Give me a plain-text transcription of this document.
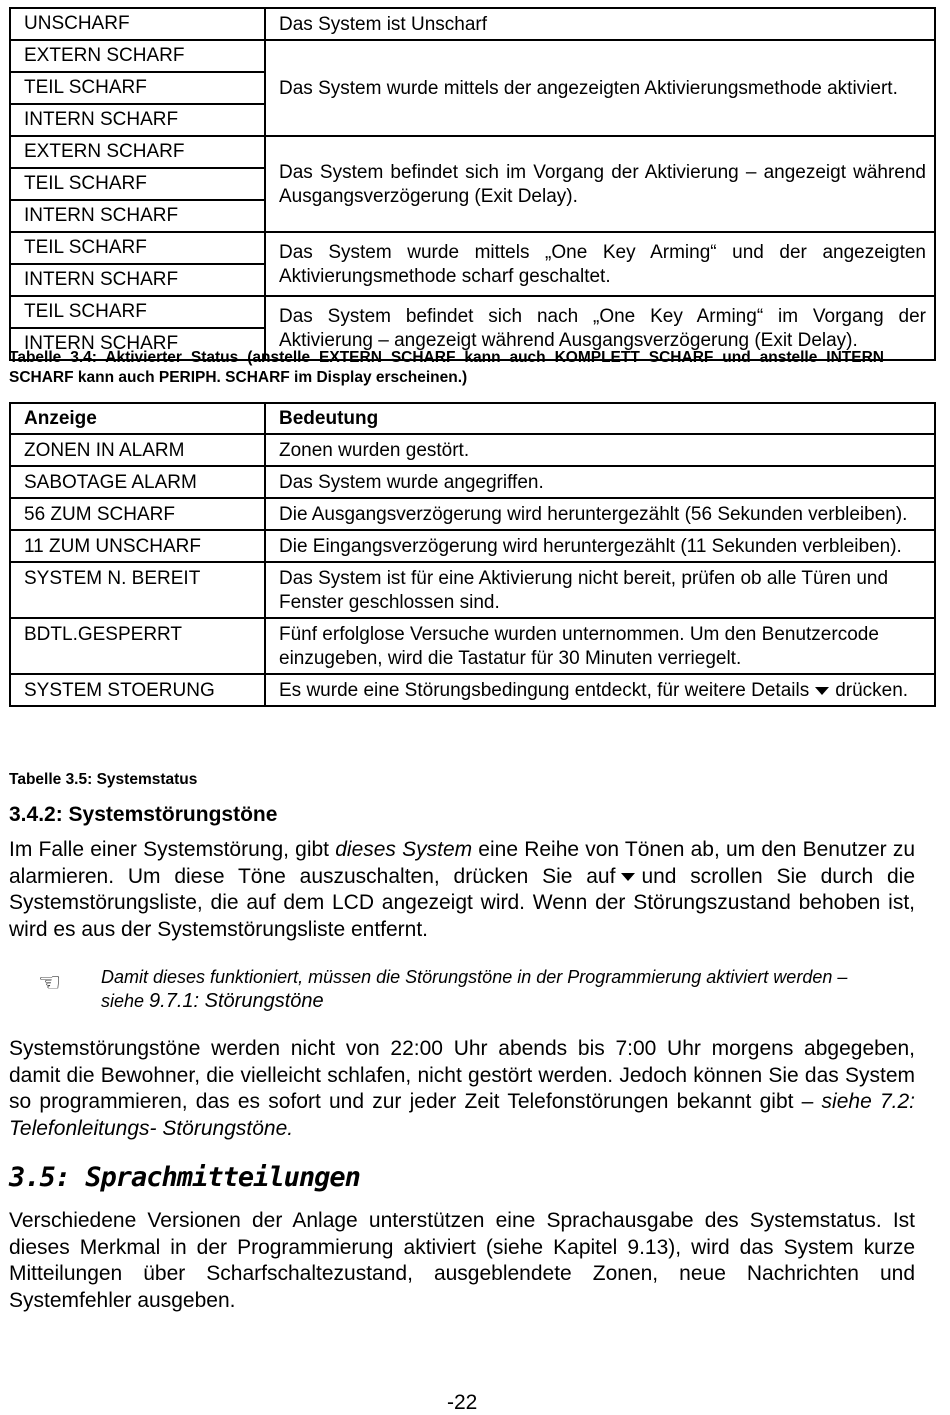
UNSCHARF	Das System ist Unscharf
EXTERN SCHARF	Das System wurde mittels der angezeigten Aktivierungsmethode aktiviert.
TEIL SCHARF	
INTERN SCHARF	
EXTERN SCHARF	Das System befindet sich im Vorgang der Aktivierung – angezeigt während Ausgangsverzögerung (Exit Delay).
TEIL SCHARF	
INTERN SCHARF	
TEIL SCHARF	Das System wurde mittels „One Key Arming“ und der angezeigten Aktivierungsmethode scharf geschaltet.
INTERN SCHARF	
TEIL SCHARF	Das System befindet sich nach „One Key Arming“ im Vorgang der Aktivierung – angezeigt während Ausgangsverzögerung (Exit Delay).
INTERN SCHARF	
Tabelle 3.4: Aktivierter Status (anstelle EXTERN SCHARF kann auch KOMPLETT SCHARF und anstelle INTERN SCHARF kann auch PERIPH. SCHARF im Display erscheinen.)
Anzeige	Bedeutung
ZONEN IN ALARM	Zonen wurden gestört.
SABOTAGE ALARM	Das System wurde angegriffen.
56 ZUM SCHARF	Die Ausgangsverzögerung wird heruntergezählt (56 Sekunden verbleiben).
11 ZUM UNSCHARF	Die Eingangsverzögerung wird heruntergezählt (11 Sekunden verbleiben).
SYSTEM N. BEREIT	Das System ist für eine Aktivierung nicht bereit, prüfen ob alle Türen und Fenster geschlossen sind.
BDTL.GESPERRT	Fünf erfolglose Versuche wurden unternommen. Um den Benutzercode einzugeben, wird die Tastatur für 30 Minuten verriegelt.
SYSTEM STOERUNG	Es wurde eine Störungsbedingung entdeckt, für weitere Details drücken.
Tabelle 3.5: Systemstatus
3.4.2: Systemstörungstöne

Im Falle einer Systemstörung, gibt dieses System eine Reihe von Tönen ab, um den Benutzer zu alarmieren. Um diese Töne auszuschalten, drücken Sie auf und scrollen Sie durch die Systemstörungsliste, die auf dem LCD angezeigt wird. Wenn der Störungszustand behoben ist, wird es aus der Systemstörungsliste entfernt.

☜ Damit dieses funktioniert, müssen die Störungstöne in der Programmierung aktiviert werden – siehe 9.7.1: Störungstöne

Systemstörungstöne werden nicht von 22:00 Uhr abends bis 7:00 Uhr morgens abgegeben, damit die Bewohner, die vielleicht schlafen, nicht gestört werden. Jedoch können Sie das System so programmieren, das es sofort und zur jeder Zeit Telefonstörungen bekannt gibt – siehe 7.2: Telefonleitungs- Störungstöne.

3.5: Sprachmitteilungen

Verschiedene Versionen der Anlage unterstützen eine Sprachausgabe des Systemstatus. Ist dieses Merkmal in der Programmierung aktiviert (siehe Kapitel 9.13), wird das System kurze Mitteilungen über Scharfschaltezustand, ausgeblendete Zonen, neue Nachrichten und Systemfehler ausgeben.

-22
